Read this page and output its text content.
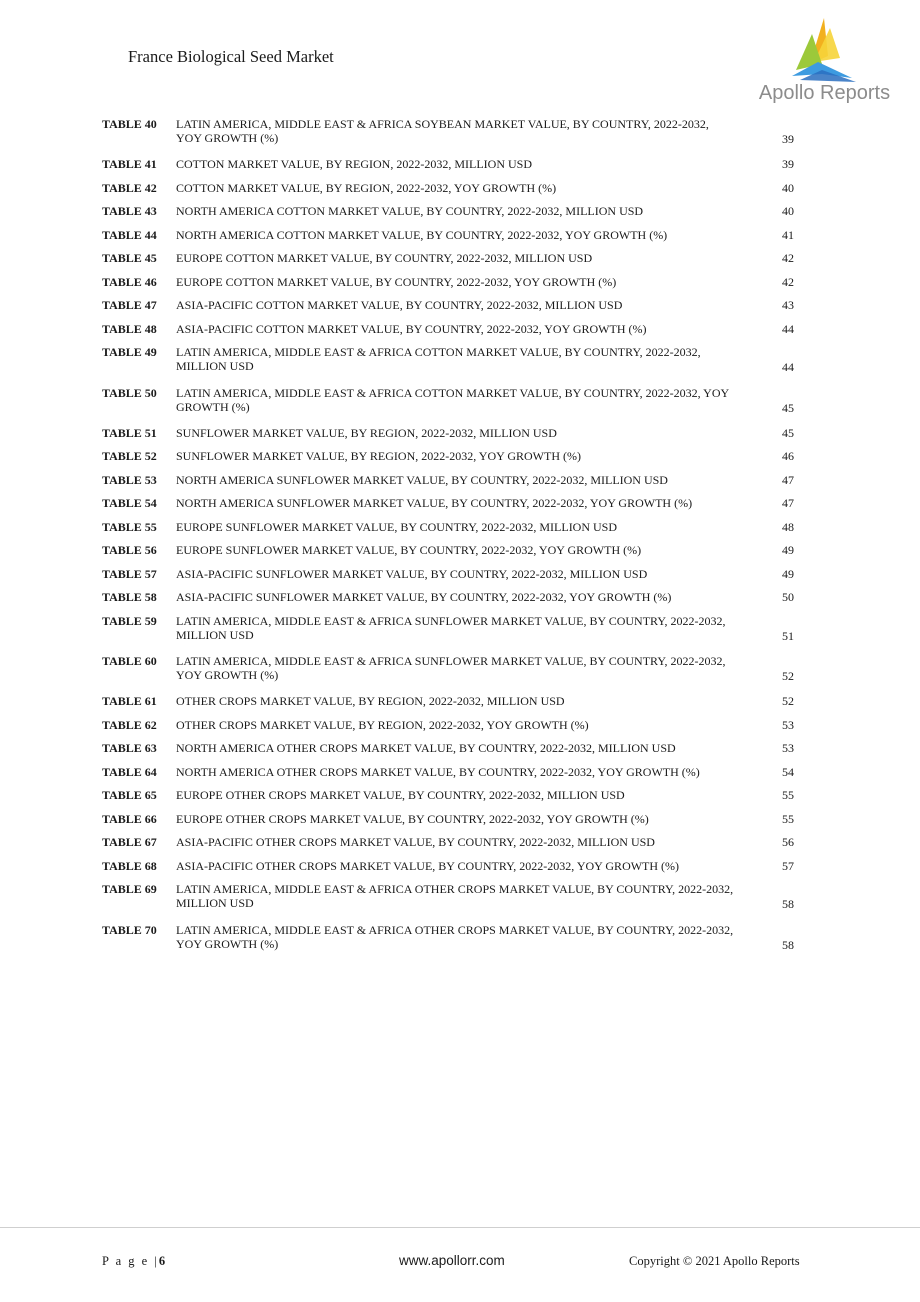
France Biological Seed Market
Apollo Reports
TABLE 40 LATIN AMERICA, MIDDLE EAST & AFRICA SOYBEAN MARKET VALUE, BY COUNTRY, 2022-2032,
YOY GROWTH (%)	39
TABLE 41 COTTON MARKET VALUE, BY REGION, 2022-2032, MILLION USD	39
TABLE 42 COTTON MARKET VALUE, BY REGION, 2022-2032, YOY GROWTH (%)	40
TABLE 43 NORTH AMERICA COTTON MARKET VALUE, BY COUNTRY, 2022-2032, MILLION USD	40
TABLE 44 NORTH AMERICA COTTON MARKET VALUE, BY COUNTRY, 2022-2032, YOY GROWTH (%)	41
TABLE 45 EUROPE COTTON MARKET VALUE, BY COUNTRY, 2022-2032, MILLION USD	42
TABLE 46 EUROPE COTTON MARKET VALUE, BY COUNTRY, 2022-2032, YOY GROWTH (%)	42
TABLE 47 ASIA-PACIFIC COTTON MARKET VALUE, BY COUNTRY, 2022-2032, MILLION USD	43
TABLE 48 ASIA-PACIFIC COTTON MARKET VALUE, BY COUNTRY, 2022-2032, YOY GROWTH (%)	44
TABLE 49 LATIN AMERICA, MIDDLE EAST & AFRICA COTTON MARKET VALUE, BY COUNTRY, 2022-2032,
MILLION USD	44
TABLE 50 LATIN AMERICA, MIDDLE EAST & AFRICA COTTON MARKET VALUE, BY COUNTRY, 2022-2032, YOY
GROWTH (%)	45
TABLE 51 SUNFLOWER MARKET VALUE, BY REGION, 2022-2032, MILLION USD	45
TABLE 52 SUNFLOWER MARKET VALUE, BY REGION, 2022-2032, YOY GROWTH (%)	46
TABLE 53 NORTH AMERICA SUNFLOWER MARKET VALUE, BY COUNTRY, 2022-2032, MILLION USD	47
TABLE 54 NORTH AMERICA SUNFLOWER MARKET VALUE, BY COUNTRY, 2022-2032, YOY GROWTH (%)	47
TABLE 55 EUROPE SUNFLOWER MARKET VALUE, BY COUNTRY, 2022-2032, MILLION USD	48
TABLE 56 EUROPE SUNFLOWER MARKET VALUE, BY COUNTRY, 2022-2032, YOY GROWTH (%)	49
TABLE 57 ASIA-PACIFIC SUNFLOWER MARKET VALUE, BY COUNTRY, 2022-2032, MILLION USD	49
TABLE 58 ASIA-PACIFIC SUNFLOWER MARKET VALUE, BY COUNTRY, 2022-2032, YOY GROWTH (%)	50
TABLE 59 LATIN AMERICA, MIDDLE EAST & AFRICA SUNFLOWER MARKET VALUE, BY COUNTRY, 2022-2032,
MILLION USD	51
TABLE 60 LATIN AMERICA, MIDDLE EAST & AFRICA SUNFLOWER MARKET VALUE, BY COUNTRY, 2022-2032,
YOY GROWTH (%)	52
TABLE 61 OTHER CROPS MARKET VALUE, BY REGION, 2022-2032, MILLION USD	52
TABLE 62 OTHER CROPS MARKET VALUE, BY REGION, 2022-2032, YOY GROWTH (%)	53
TABLE 63 NORTH AMERICA OTHER CROPS MARKET VALUE, BY COUNTRY, 2022-2032, MILLION USD	53
TABLE 64 NORTH AMERICA OTHER CROPS MARKET VALUE, BY COUNTRY, 2022-2032, YOY GROWTH (%)	54
TABLE 65 EUROPE OTHER CROPS MARKET VALUE, BY COUNTRY, 2022-2032, MILLION USD	55
TABLE 66 EUROPE OTHER CROPS MARKET VALUE, BY COUNTRY, 2022-2032, YOY GROWTH (%)	55
TABLE 67 ASIA-PACIFIC OTHER CROPS MARKET VALUE, BY COUNTRY, 2022-2032, MILLION USD	56
TABLE 68 ASIA-PACIFIC OTHER CROPS MARKET VALUE, BY COUNTRY, 2022-2032, YOY GROWTH (%)	57
TABLE 69 LATIN AMERICA, MIDDLE EAST & AFRICA OTHER CROPS MARKET VALUE, BY COUNTRY, 2022-2032,
MILLION USD	58
TABLE 70 LATIN AMERICA, MIDDLE EAST & AFRICA OTHER CROPS MARKET VALUE, BY COUNTRY, 2022-2032,
YOY GROWTH (%)	58
P a g e |6	www.apollorr.com	Copyright © 2021 Apollo Reports
